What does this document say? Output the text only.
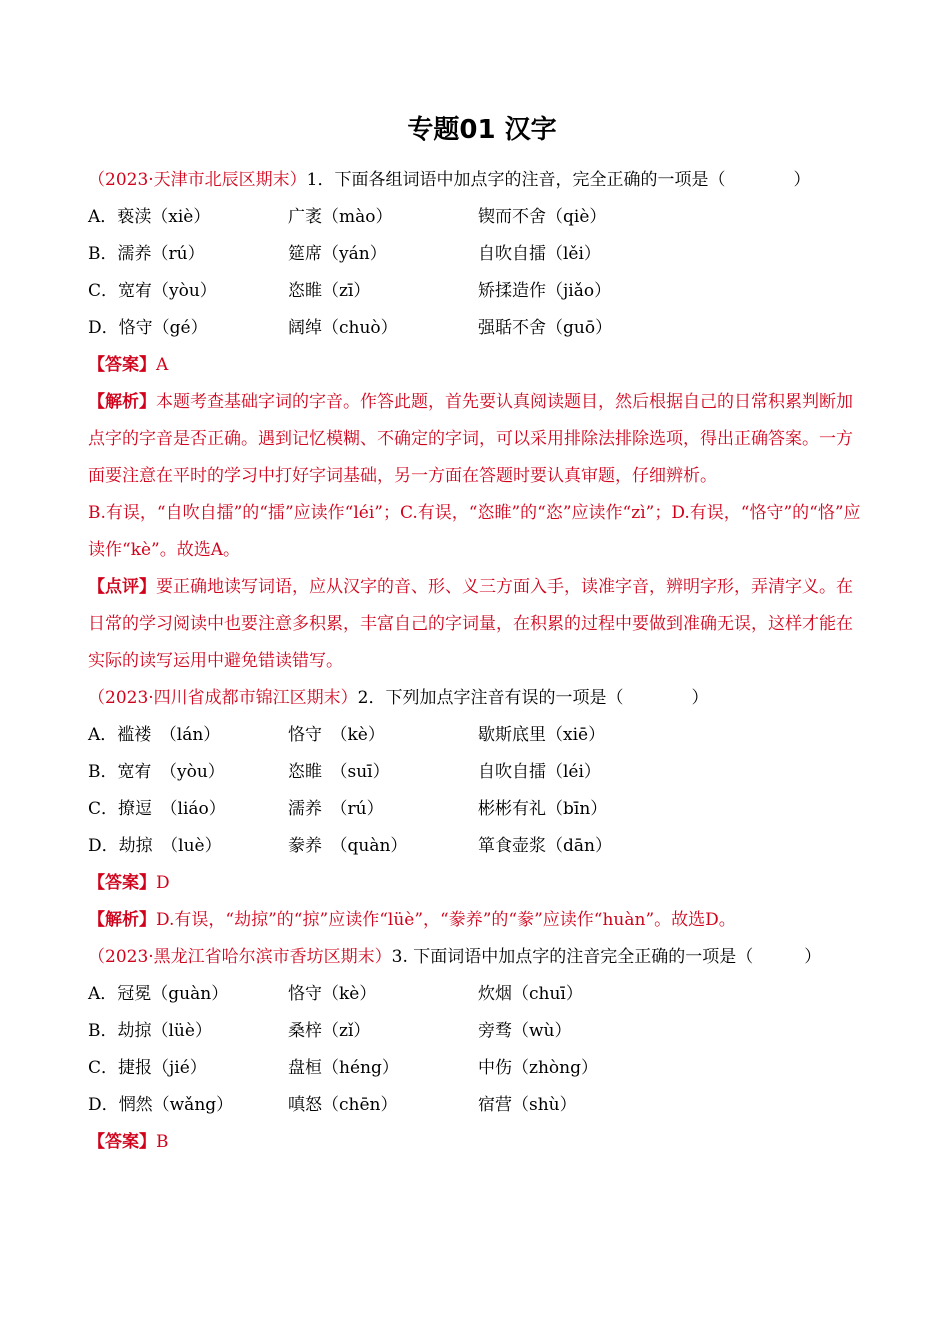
专题01 汉字
（2023·天津市北辰区期末）1．下面各组词语中加点字的注音，完全正确的一项是（　　　　）
A．亵渎（xiè）	广袤（mào）	锲而不舍（qiè）
B．濡养（rú）	筵席（yán）	自吹自擂（lěi）
C．宽宥（yòu）	恣睢（zī）	矫揉造作（jiǎo）
D．恪守（gé）	阔绰（chuò）	强聒不舍（guō）
【答案】A
【解析】本题考查基础字词的字音。作答此题，首先要认真阅读题目，然后根据自己的日常积累判断加点字的字音是否正确。遇到记忆模糊、不确定的字词，可以采用排除法排除选项，得出正确答案。一方面要注意在平时的学习中打好字词基础，另一方面在答题时要认真审题，仔细辨析。
B.有误，“自吹自擂”的“擂”应读作“léi”；C.有误，“恣睢”的“恣”应读作“zì”；D.有误，“恪守”的“恪”应读作“kè”。故选A。
【点评】要正确地读写词语，应从汉字的音、形、义三方面入手，读准字音，辨明字形，弄清字义。在日常的学习阅读中也要注意多积累，丰富自己的字词量，在积累的过程中要做到准确无误，这样才能在实际的读写运用中避免错读错写。
（2023·四川省成都市锦江区期末）2．下列加点字注音有误的一项是（　　　　）
A．褴褛　（lán）	恪守　（kè）	歇斯底里（xiē）
B．宽宥　（yòu）	恣睢　（suī）	自吹自擂（léi）
C．撩逗　（liáo）	濡养　（rú）	彬彬有礼（bīn）
D．劫掠　（luè）	豢养　（quàn）	箪食壶浆（dān）
【答案】D
【解析】D.有误，“劫掠”的“掠”应读作“lüè”，“豢养”的“豢”应读作“huàn”。故选D。
（2023·黑龙江省哈尔滨市香坊区期末）3. 下面词语中加点字的注音完全正确的一项是（　　　）
A．冠冕（guàn）	恪守（kè）	炊烟（chuī）
B．劫掠（lüè）	桑梓（zǐ）	旁骛（wù）
C．捷报（jié）	盘桓（héng）	中伤（zhòng）
D．惘然（wǎng）	嗔怒（chēn）	宿营（shù）
【答案】B
